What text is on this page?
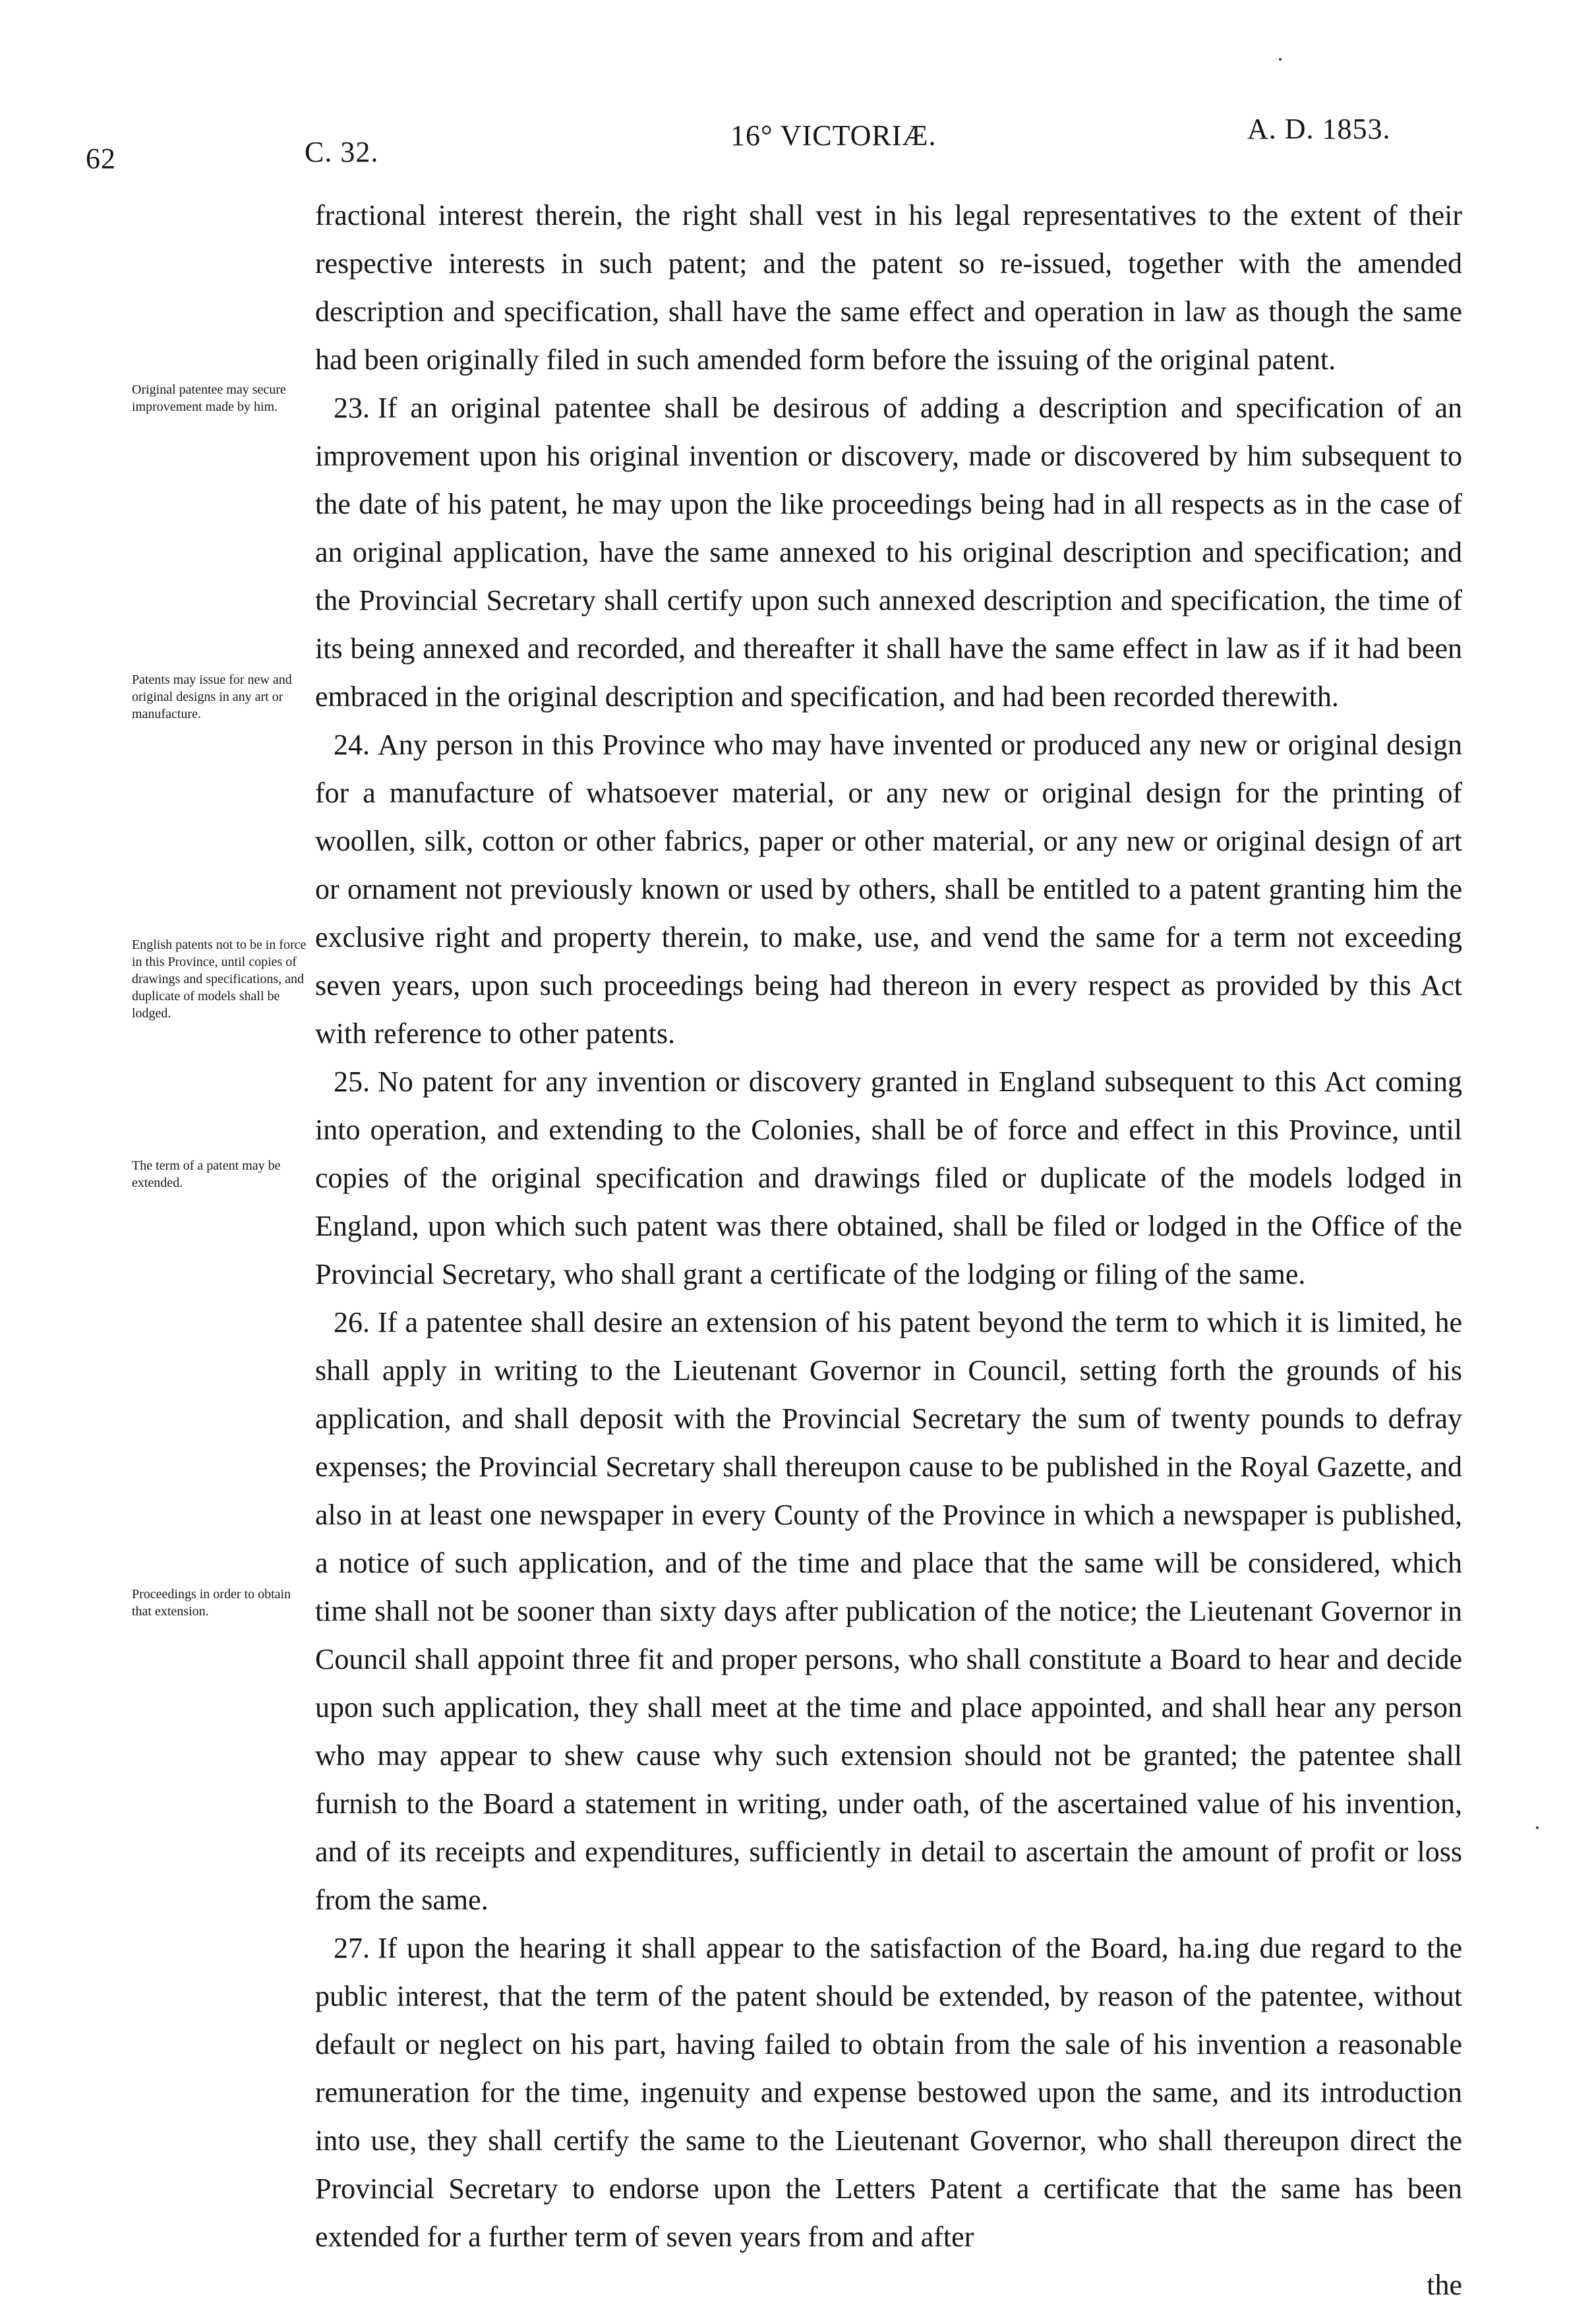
62	C. 32.
16° VICTORIÆ.	A. D. 1853.
Original patentee may secure improvement made by him.
Patents may issue for new and original designs in any art or manufacture.
English patents not to be in force in this Province, until copies of drawings and specifications, and duplicate of models shall be lodged.
The term of a patent may be extended.
Proceedings in order to obtain that extension.

fractional interest therein, the right shall vest in his legal representatives to the extent of their respective interests in such patent; and the patent so re-issued, together with the amended description and specification, shall have the same effect and operation in law as though the same had been originally filed in such amended form before the issuing of the original patent.

23. If an original patentee shall be desirous of adding a description and specification of an improvement upon his original invention or discovery, made or discovered by him subsequent to the date of his patent, he may upon the like proceedings being had in all respects as in the case of an original application, have the same annexed to his original description and specification; and the Provincial Secretary shall certify upon such annexed description and specification, the time of its being annexed and recorded, and thereafter it shall have the same effect in law as if it had been embraced in the original description and specification, and had been recorded therewith.

24. Any person in this Province who may have invented or produced any new or original design for a manufacture of whatsoever material, or any new or original design for the printing of woollen, silk, cotton or other fabrics, paper or other material, or any new or original design of art or ornament not previously known or used by others, shall be entitled to a patent granting him the exclusive right and property therein, to make, use, and vend the same for a term not exceeding seven years, upon such proceedings being had thereon in every respect as provided by this Act with reference to other patents.

25. No patent for any invention or discovery granted in England subsequent to this Act coming into operation, and extending to the Colonies, shall be of force and effect in this Province, until copies of the original specification and drawings filed or duplicate of the models lodged in England, upon which such patent was there obtained, shall be filed or lodged in the Office of the Provincial Secretary, who shall grant a certificate of the lodging or filing of the same.

26. If a patentee shall desire an extension of his patent beyond the term to which it is limited, he shall apply in writing to the Lieutenant Governor in Council, setting forth the grounds of his application, and shall deposit with the Provincial Secretary the sum of twenty pounds to defray expenses; the Provincial Secretary shall thereupon cause to be published in the Royal Gazette, and also in at least one newspaper in every County of the Province in which a newspaper is published, a notice of such application, and of the time and place that the same will be considered, which time shall not be sooner than sixty days after publication of the notice; the Lieutenant Governor in Council shall appoint three fit and proper persons, who shall constitute a Board to hear and decide upon such application, they shall meet at the time and place appointed, and shall hear any person who may appear to shew cause why such extension should not be granted; the patentee shall furnish to the Board a statement in writing, under oath, of the ascertained value of his invention, and of its receipts and expenditures, sufficiently in detail to ascertain the amount of profit or loss from the same.

27. If upon the hearing it shall appear to the satisfaction of the Board, ha.ing due regard to the public interest, that the term of the patent should be extended, by reason of the patentee, without default or neglect on his part, having failed to obtain from the sale of his invention a reasonable remuneration for the time, ingenuity and expense bestowed upon the same, and its introduction into use, they shall certify the same to the Lieutenant Governor, who shall thereupon direct the Provincial Secretary to endorse upon the Letters Patent a certificate that the same has been extended for a further term of seven years from and after

the
